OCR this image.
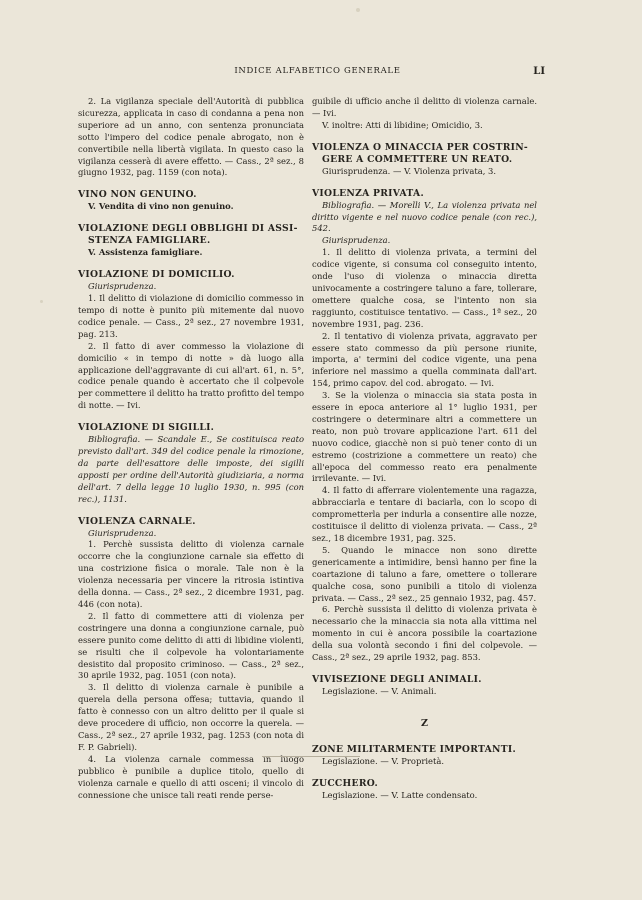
INDICE ALFABETICO GENERALE	LI

2. La vigilanza speciale dell'Autorità di pubblica sicurezza, applicata in caso di condanna a pena non superiore ad un anno, con sentenza pronunciata sotto l'impero del codice penale abrogato, non è convertibile nella libertà vigilata. In questo caso la vigilanza cesserà di avere effetto. — Cass., 2ª sez., 8 giugno 1932, pag. 1159 (con nota).

VINO NON GENUINO.

V. Vendita di vino non genuino.

VIOLAZIONE DEGLI OBBLIGHI DI ASSI-
STENZA FAMIGLIARE.

V. Assistenza famigliare.

VIOLAZIONE DI DOMICILIO.

Giurisprudenza.

1. Il delitto di violazione di domicilio commesso in tempo di notte è punito più mitemente dal nuovo codice penale. — Cass., 2ª sez., 27 novembre 1931, pag. 213.

2. Il fatto di aver commesso la violazione di domicilio « in tempo di notte » dà luogo alla applicazione dell'aggravante di cui all'art. 61, n. 5°, codice penale quando è accertato che il colpevole per commettere il delitto ha tratto profitto del tempo di notte. — Ivi.

VIOLAZIONE DI SIGILLI.

Bibliografia. — Scandale E., Se costituisca reato previsto dall'art. 349 del codice penale la rimozione, da parte dell'esattore delle imposte, dei sigilli apposti per ordine dell'Autorità giudiziaria, a norma dell'art. 7 della legge 10 luglio 1930, n. 995 (con rec.), 1131.

VIOLENZA CARNALE.

Giurisprudenza.

1. Perchè sussista delitto di violenza carnale occorre che la congiunzione carnale sia effetto di una costrizione fisica o morale. Tale non è la violenza necessaria per vincere la ritrosia istintiva della donna. — Cass., 2ª sez., 2 dicembre 1931, pag. 446 (con nota).

2. Il fatto di commettere atti di violenza per costringere una donna a congiunzione carnale, può essere punito come delitto di atti di libidine violenti, se risulti che il colpevole ha volontariamente desistito dal proposito criminoso. — Cass., 2ª sez., 30 aprile 1932, pag. 1051 (con nota).

3. Il delitto di violenza carnale è punibile a querela della persona offesa; tuttavia, quando il fatto è connesso con un altro delitto per il quale si deve procedere di ufficio, non occorre la querela. — Cass., 2ª sez., 27 aprile 1932, pag. 1253 (con nota di F. P. Gabrieli).

4. La violenza carnale commessa in luogo pubblico è punibile a duplice titolo, quello di violenza carnale e quello di atti osceni; il vincolo di connessione che unisce tali reati rende perse-

guibile di ufficio anche il delitto di violenza carnale. — Ivi.

V. inoltre: Atti di libidine; Omicidio, 3.

VIOLENZA O MINACCIA PER COSTRIN-
GERE A COMMETTERE UN REATO.

Giurisprudenza. — V. Violenza privata, 3.

VIOLENZA PRIVATA.

Bibliografia. — Morelli V., La violenza privata nel diritto vigente e nel nuovo codice penale (con rec.), 542.

Giurisprudenza.

1. Il delitto di violenza privata, a termini del codice vigente, si consuma col conseguito intento, onde l'uso di violenza o minaccia diretta univocamente a costringere taluno a fare, tollerare, omettere qualche cosa, se l'intento non sia raggiunto, costituisce tentativo. — Cass., 1ª sez., 20 novembre 1931, pag. 236.

2. Il tentativo di violenza privata, aggravato per essere stato commesso da più persone riunite, importa, a' termini del codice vigente, una pena inferiore nel massimo a quella comminata dall'art. 154, primo capov. del cod. abrogato. — Ivi.

3. Se la violenza o minaccia sia stata posta in essere in epoca anteriore al 1° luglio 1931, per costringere o determinare altri a commettere un reato, non può trovare applicazione l'art. 611 del nuovo codice, giacchè non si può tener conto di un estremo (costrizione a commettere un reato) che all'epoca del commesso reato era penalmente irrilevante. — Ivi.

4. Il fatto di afferrare violentemente una ragazza, abbracciarla e tentare di baciarla, con lo scopo di comprometterla per indurla a consentire alle nozze, costituisce il delitto di violenza privata. — Cass., 2ª sez., 18 dicembre 1931, pag. 325.

5. Quando le minacce non sono dirette genericamente a intimidire, bensì hanno per fine la coartazione di taluno a fare, omettere o tollerare qualche cosa, sono punibili a titolo di violenza privata. — Cass., 2ª sez., 25 gennaio 1932, pag. 457.

6. Perchè sussista il delitto di violenza privata è necessario che la minaccia sia nota alla vittima nel momento in cui è ancora possibile la coartazione della sua volontà secondo i fini del colpevole. — Cass., 2ª sez., 29 aprile 1932, pag. 853.

VIVISEZIONE DEGLI ANIMALI.

Legislazione. — V. Animali.

Z
ZONE MILITARMENTE IMPORTANTI.

Legislazione. — V. Proprietà.

ZUCCHERO.

Legislazione. — V. Latte condensato.
